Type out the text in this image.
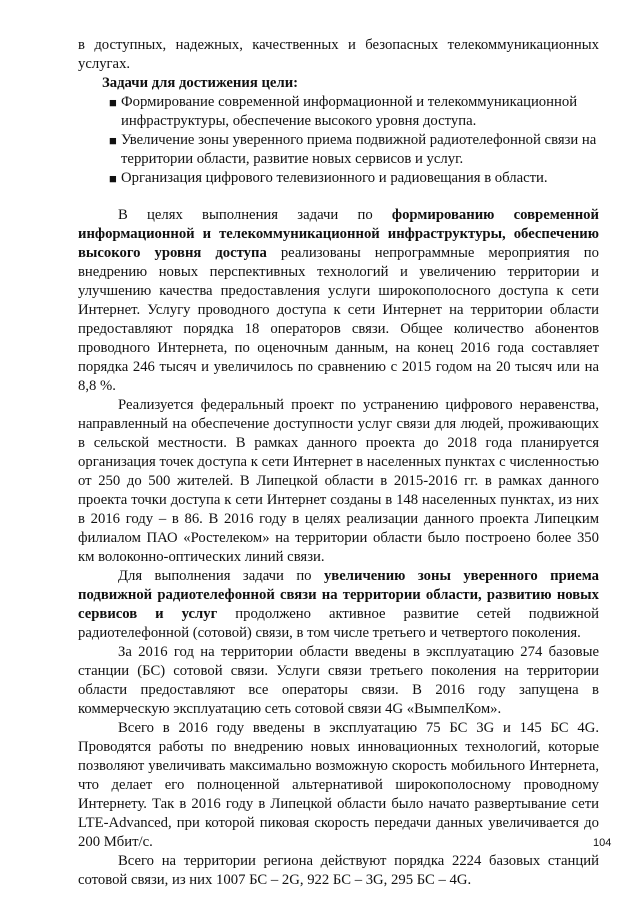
в доступных, надежных, качественных и безопасных телекоммуникационных услугах.

Задачи для достижения цели:

■ Формирование современной информационной и телекоммуникационной инфраструктуры, обеспечение высокого уровня доступа.
■ Увеличение зоны уверенного приема подвижной радиотелефонной связи на территории области, развитие новых сервисов и услуг.
■ Организация цифрового телевизионного и радиовещания в области.

В целях выполнения задачи по формированию современной информационной и телекоммуникационной инфраструктуры, обеспечению высокого уровня доступа реализованы непрограммные мероприятия по внедрению новых перспективных технологий и увеличению территории и улучшению качества предоставления услуги широкополосного доступа к сети Интернет. Услугу проводного доступа к сети Интернет на территории области предоставляют порядка 18 операторов связи. Общее количество абонентов проводного Интернета, по оценочным данным, на конец 2016 года составляет порядка 246 тысяч и увеличилось по сравнению с 2015 годом на 20 тысяч или на 8,8 %.

Реализуется федеральный проект по устранению цифрового неравенства, направленный на обеспечение доступности услуг связи для людей, проживающих в сельской местности. В рамках данного проекта до 2018 года планируется организация точек доступа к сети Интернет в населенных пунктах с численностью от 250 до 500 жителей. В Липецкой области в 2015-2016 гг. в рамках данного проекта точки доступа к сети Интернет созданы в 148 населенных пунктах, из них в 2016 году – в 86. В 2016 году в целях реализации данного проекта Липецким филиалом ПАО «Ростелеком» на территории области было построено более 350 км волоконно-оптических линий связи.

Для выполнения задачи по увеличению зоны уверенного приема подвижной радиотелефонной связи на территории области, развитию новых сервисов и услуг продолжено активное развитие сетей подвижной радиотелефонной (сотовой) связи, в том числе третьего и четвертого поколения.

За 2016 год на территории области введены в эксплуатацию 274 базовые станции (БС) сотовой связи. Услуги связи третьего поколения на территории области предоставляют все операторы связи. В 2016 году запущена в коммерческую эксплуатацию сеть сотовой связи 4G «ВымпелКом».

Всего в 2016 году введены в эксплуатацию 75 БС 3G и 145 БС 4G. Проводятся работы по внедрению новых инновационных технологий, которые позволяют увеличивать максимально возможную скорость мобильного Интернета, что делает его полноценной альтернативой широкополосному проводному Интернету. Так в 2016 году в Липецкой области было начато развертывание сети LTE-Advanced, при которой пиковая скорость передачи данных увеличивается до 200 Мбит/с.

Всего на территории региона действуют порядка 2224 базовых станций сотовой связи, из них 1007 БС – 2G, 922 БС – 3G, 295 БС – 4G.

104
